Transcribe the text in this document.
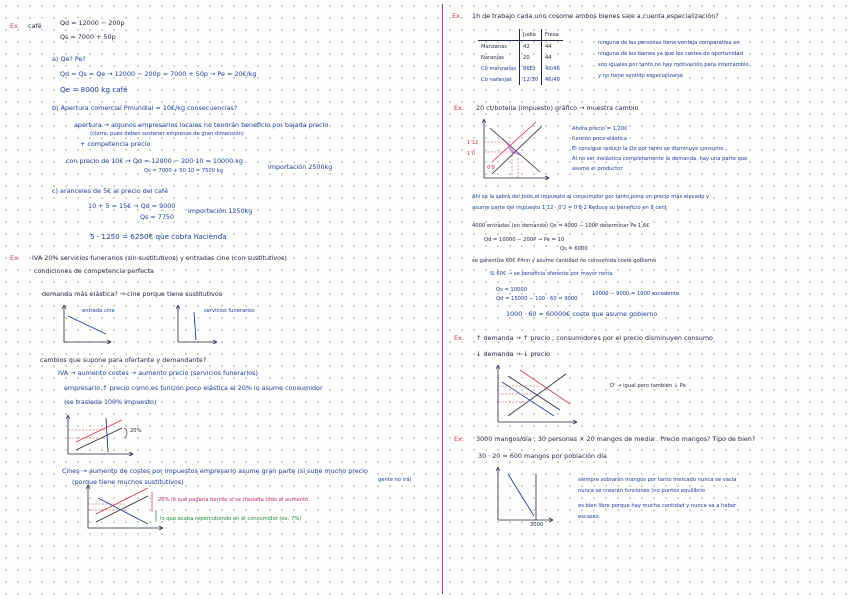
Ex. café	Qd = 12000 − 200p
Qs = 7000 + 50p
a) Qe? Pe?
Qd = Qs = Qe → 12000 − 200p = 7000 + 50p → Pe = 20€/kg
Qe = 8000 kg café
b) Apertura comercial Pmundial = 10€/kg consecuencias?
apertura → algunos empresarios locales no tendrán beneficio por bajada precio
(cierra, pues deben sostener empresas de gran dimensión)
+ competencia precio
con precio de 10€ → Qd = 12000 − 200·10 = 10000 kg
Qs = 7000 + 50·10 = 7500 kg	importación 2500kg
c) aranceles de 5€ al precio del café
10 + 5 = 15€ → Qd = 9000
Qs = 7750
importación 1250kg
5 · 1250 = 6250€ que cobra hacienda
Ex. IVA 20% servicios funerarios (sin sustitutivos) y entradas cine (con sustitutivos)
condiciones de competencia perfecta
demanda más elástica? → cine porque tiene sustitutivos
entrada cine	servicios funerarios
cambios que supone para ofertante y demandante?
IVA → aumento costes → aumento precio (servicios funerarios)
empresario ↑ precio como es función poco elástica el 20% lo asume consumidor
(se traslada 100% impuesto)
20%
Cines → aumento de costes por impuestos empresario asume gran parte (si sube mucho precio
(porque tiene muchos sustitutivos)	gente no irá)
20% lo que pagaría demás si se traslada todo al aumento
lo que acaba repercutiendo en el consumidor (ex: 7%)
Ex. 1h de trabajo cada uno cosome ambos bienes sale a cuenta especialización?
	Judía	Fresa
Manzanas	42	44
Naranjas	20	44
Co manzanas	86Ez	40/46
Co naranjas	12/30	46/40
ninguna de las personas tiene ventaja comparativa en
ninguno de los bienes ya que los costes de oportunidad
son iguales por tanto no hay motivación para intercambio
y no tiene sentido especializarse
Ex. 20 ct/botella (impuesto) gráfico → muestra cambio
1'12
1'0
0'8
Ahora precio = 1,20€
función poco elástica
El consigue reducir la Qe por tanto se disminuye consumo
Al no ser inelástica completamente la demanda, hay una parte que
asume el productor
Ahí se la sabrá del todo el impuesto al consumidor por tanto pone un precio más elevado y
asume parte del impuesto 1'12 · 0'2 = 0'8·2 Reduce su beneficio en 8 cent
4000 entradas (en demanda) Qs = 4000 − 100P determinar Pe 1,6€
Qd = 10000 − 200P → Pe = 10
Qs = 6000
se garantiza 60€ Pmin y asume cantidad no consumida coste gobierno
Si 60€ → se beneficia oferente por mayor renta
Qs = 10000
Qd = 15000 − 100 · 60 = 9000
10000 − 9000 = 1000 excedente
1000 · 60 = 60000€ coste que asume gobierno
Ex. ↑ demanda → ↑ precio ; consumidores por el precio disminuyen consumo
↓ demanda → ↓ precio
D' → igual pero también ↓ Pe
Ex. 3000 mangos/día , 30 personas × 20 mangos de media . Precio mangos? Tipo de bien?
30 · 20 = 600 mangos por población día
3000
siempre sobrarán mangos por tanto mercado nunca se vacía
nunca se crearán funciones (no puntos equilibrio
es bien libre porque hay mucha cantidad y nunca va a haber
escasez.
